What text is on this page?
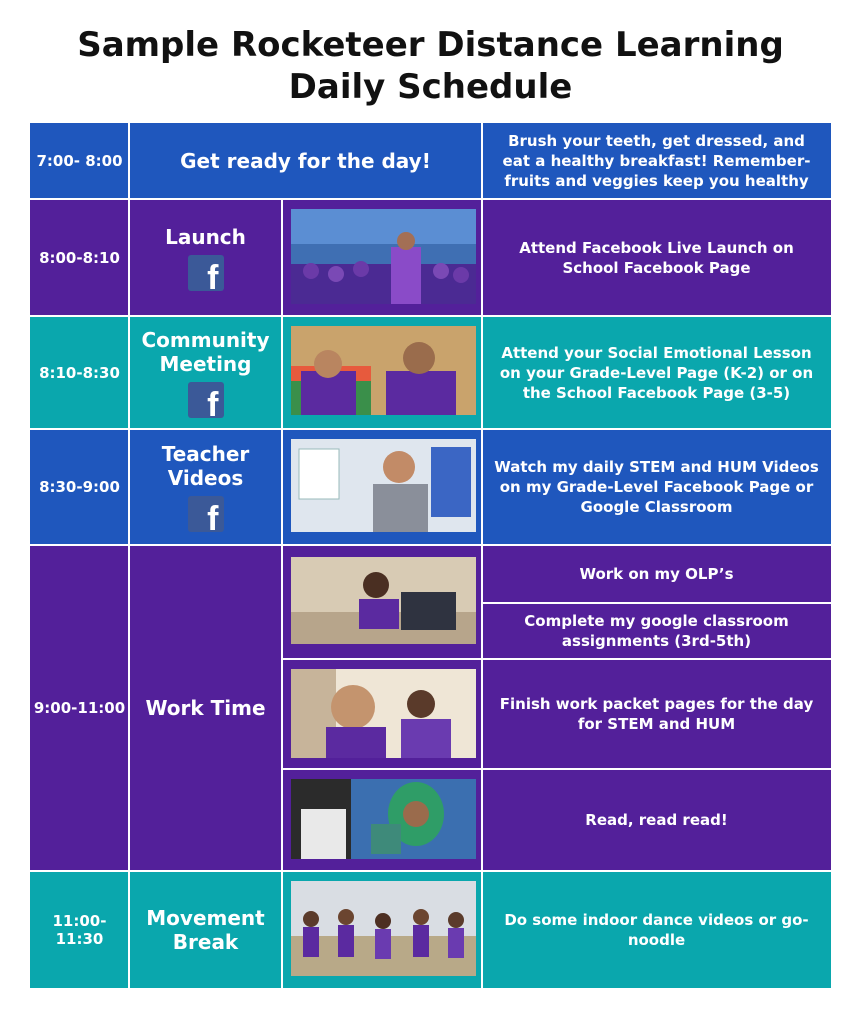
Sample Rocketeer Distance Learning
Daily Schedule
7:00- 8:00	Get ready for the day!
Brush your teeth, get dressed, and eat a healthy breakfast! Remember- fruits and veggies keep you healthy
8:00-8:10
Launch
f
Attend Facebook Live Launch on School Facebook Page
8:10-8:30
Community
Meeting
f
Attend your Social Emotional Lesson on your Grade-Level Page (K-2) or on the School Facebook Page (3-5)
8:30-9:00
Teacher
Videos
f
Watch my daily STEM and HUM Videos on my Grade-Level Facebook Page or Google Classroom
9:00-11:00 Work Time
Work on my OLP’s
Complete my google classroom assignments (3rd-5th)
Finish work packet pages for the day for STEM and HUM
Read, read read!
11:00-11:30
Movement
Break
Do some indoor dance videos or go-noodle
